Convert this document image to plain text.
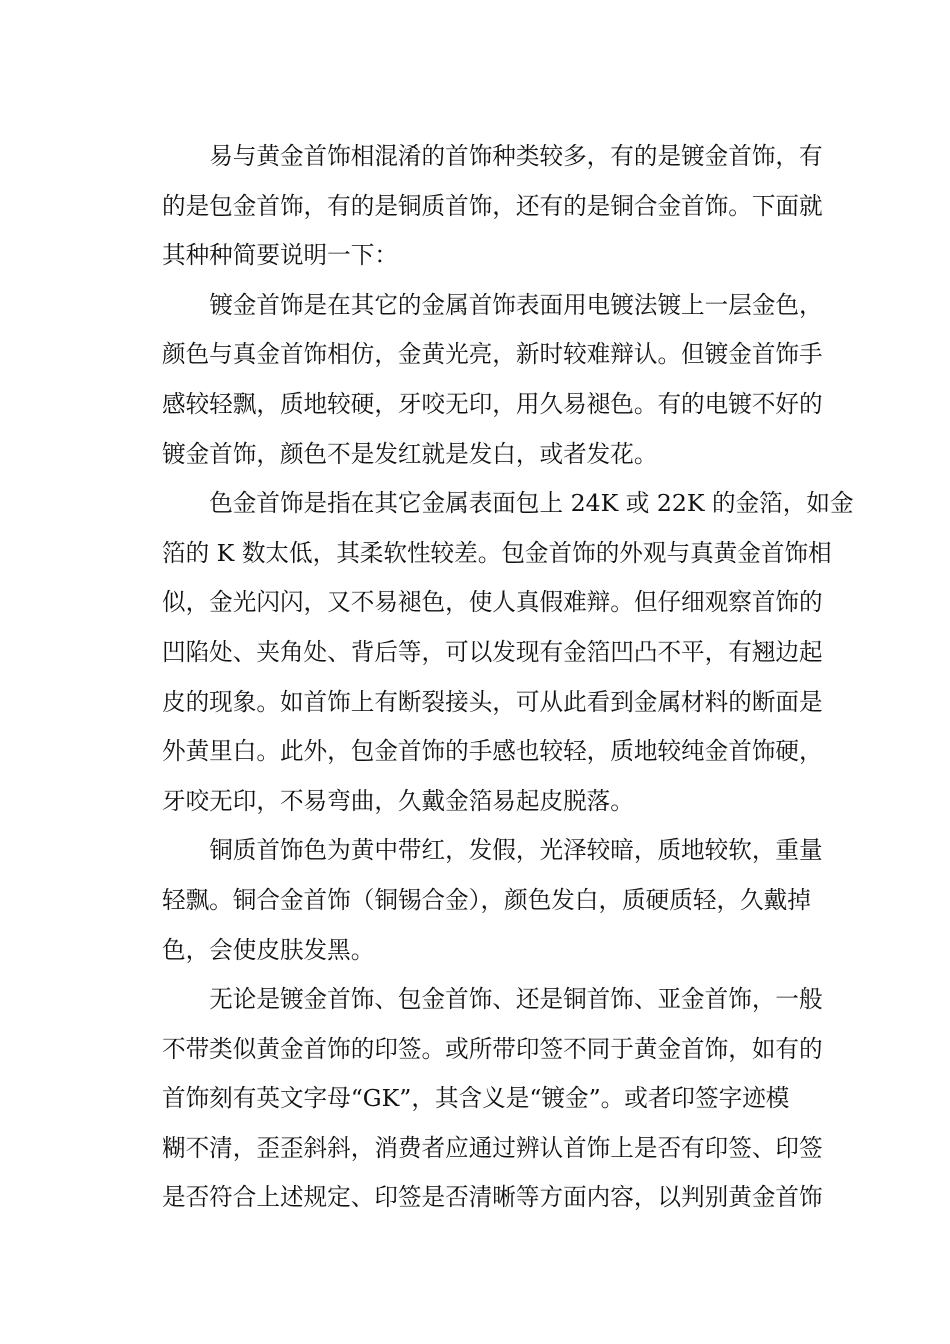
易与黄金首饰相混淆的首饰种类较多，有的是镀金首饰，有
的是包金首饰，有的是铜质首饰，还有的是铜合金首饰。下面就
其种种简要说明一下：
镀金首饰是在其它的金属首饰表面用电镀法镀上一层金色，
颜色与真金首饰相仿，金黄光亮，新时较难辩认。但镀金首饰手
感较轻飘，质地较硬，牙咬无印，用久易褪色。有的电镀不好的
镀金首饰，颜色不是发红就是发白，或者发花。
色金首饰是指在其它金属表面包上 24K 或 22K 的金箔，如金
箔的 K 数太低，其柔软性较差。包金首饰的外观与真黄金首饰相
似，金光闪闪，又不易褪色，使人真假难辩。但仔细观察首饰的
凹陷处、夹角处、背后等，可以发现有金箔凹凸不平，有翘边起
皮的现象。如首饰上有断裂接头，可从此看到金属材料的断面是
外黄里白。此外，包金首饰的手感也较轻，质地较纯金首饰硬，
牙咬无印，不易弯曲，久戴金箔易起皮脱落。
铜质首饰色为黄中带红，发假，光泽较暗，质地较软，重量
轻飘。铜合金首饰（铜锡合金），颜色发白，质硬质轻，久戴掉
色，会使皮肤发黑。
无论是镀金首饰、包金首饰、还是铜首饰、亚金首饰，一般
不带类似黄金首饰的印签。或所带印签不同于黄金首饰，如有的
首饰刻有英文字母“GK”，其含义是“镀金”。或者印签字迹模
糊不清，歪歪斜斜，消费者应通过辨认首饰上是否有印签、印签
是否符合上述规定、印签是否清晰等方面内容，以判别黄金首饰
